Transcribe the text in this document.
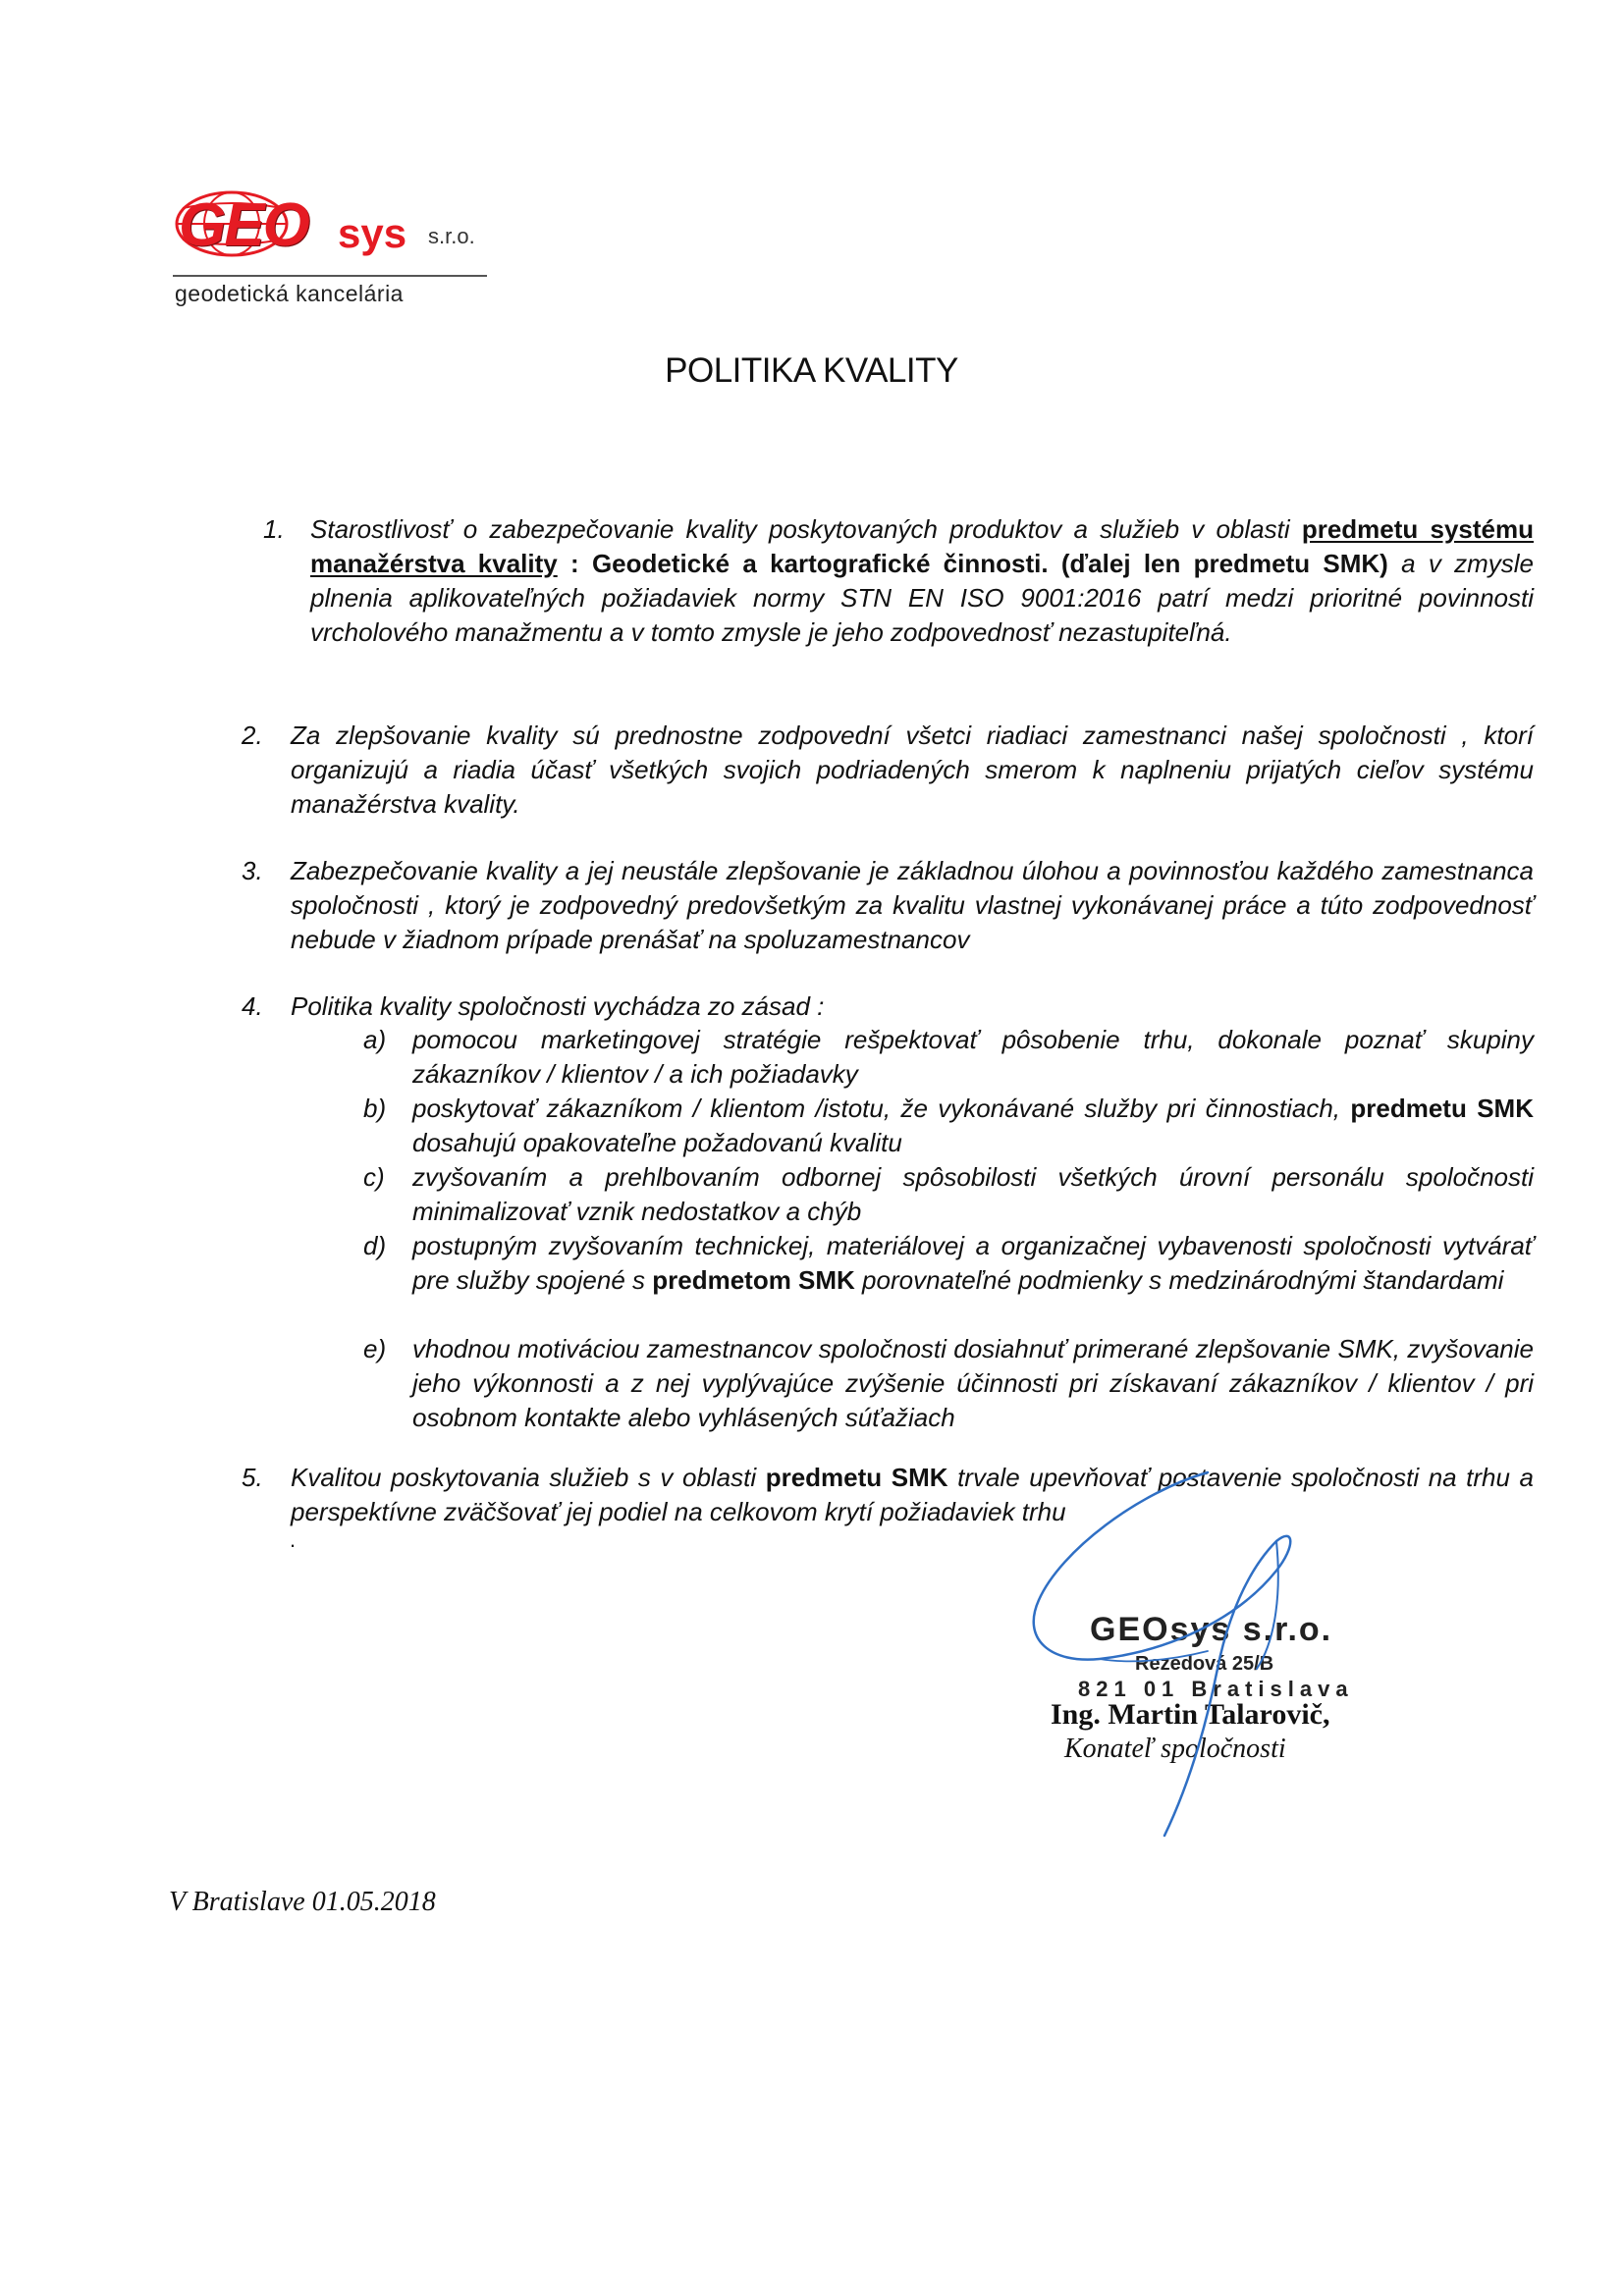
GEO sys s.r.o.
geodetická kancelária
POLITIKA KVALITY
1. Starostlivosť o zabezpečovanie kvality poskytovaných produktov a služieb v oblasti predmetu systému manažérstva kvality : Geodetické a kartografické činnosti. (ďalej len predmetu SMK) a v zmysle plnenia aplikovateľných požiadaviek normy STN EN ISO 9001:2016 patrí medzi prioritné povinnosti vrcholového manažmentu a v tomto zmysle je jeho zodpovednosť nezastupiteľná.
2. Za zlepšovanie kvality sú prednostne zodpovední všetci riadiaci zamestnanci našej spoločnosti , ktorí organizujú a riadia účasť všetkých svojich podriadených smerom k naplneniu prijatých cieľov systému manažérstva kvality.
3. Zabezpečovanie kvality a jej neustále zlepšovanie je základnou úlohou a povinnosťou každého zamestnanca spoločnosti , ktorý je zodpovedný predovšetkým za kvalitu vlastnej vykonávanej práce a túto zodpovednosť nebude v žiadnom prípade prenášať na spoluzamestnancov
4. Politika kvality spoločnosti vychádza zo zásad :
a) pomocou marketingovej stratégie rešpektovať pôsobenie trhu, dokonale poznať skupiny zákazníkov / klientov / a ich požiadavky
b) poskytovať zákazníkom / klientom /istotu, že vykonávané služby pri činnostiach, predmetu SMK dosahujú opakovateľne požadovanú kvalitu
c) zvyšovaním a prehlbovaním odbornej spôsobilosti všetkých úrovní personálu spoločnosti minimalizovať vznik nedostatkov a chýb
d) postupným zvyšovaním technickej, materiálovej a organizačnej vybavenosti spoločnosti vytvárať pre služby spojené s predmetom SMK porovnateľné podmienky s medzinárodnými štandardami
e) vhodnou motiváciou zamestnancov spoločnosti dosiahnuť primerané zlepšovanie SMK, zvyšovanie jeho výkonnosti a z nej vyplývajúce zvýšenie účinnosti pri získavaní zákazníkov / klientov / pri osobnom kontakte alebo vyhlásených súťažiach
5. Kvalitou poskytovania služieb s v oblasti predmetu SMK trvale upevňovať postavenie spoločnosti na trhu a perspektívne zväčšovať jej podiel na celkovom krytí požiadaviek trhu
.
GEOsys s.r.o.
Rezedová 25/B
821 01 Bratislava
Ing. Martin Talarovič,
Konateľ spoločnosti
V Bratislave 01.05.2018
